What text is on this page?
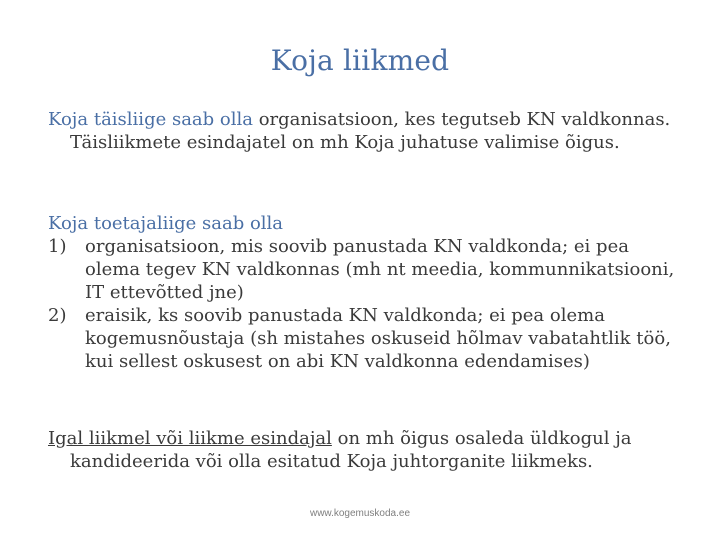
Koja liikmed

Koja täisliige saab olla organisatsioon, kes tegutseb KN valdkonnas. Täisliikmete esindajatel on mh Koja juhatuse valimise õigus.

Koja toetajaliige saab olla
1) organisatsioon, mis soovib panustada KN valdkonda; ei pea olema tegev KN valdkonnas (mh nt meedia, kommunnikatsiooni, IT ettevõtted jne)
2) eraisik, ks soovib panustada KN valdkonda; ei pea olema kogemusnõustaja (sh mistahes oskuseid hõlmav vabatahtlik töö, kui sellest oskusest on abi KN valdkonna edendamises)

Igal liikmel või liikme esindajal on mh õigus osaleda üldkogul ja kandideerida või olla esitatud Koja juhtorganite liikmeks.

www.kogemuskoda.ee
